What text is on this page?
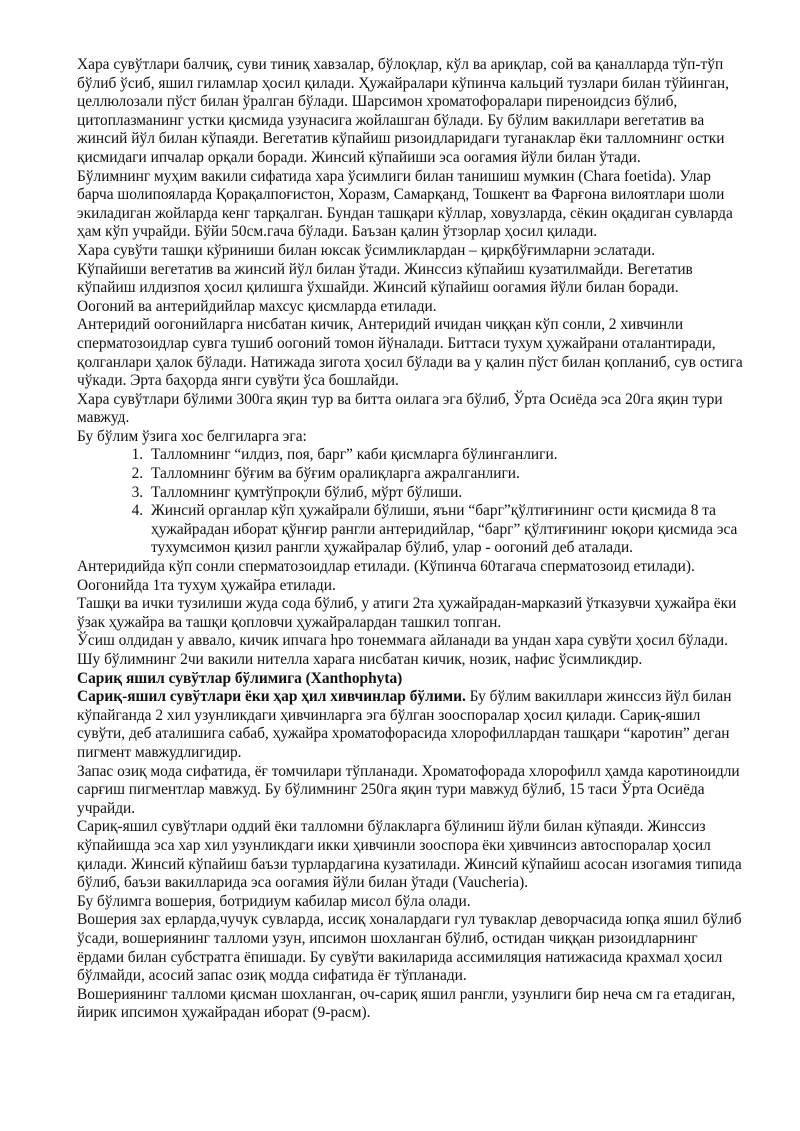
Хара сувўтлари балчиқ, суви тиниқ хавзалар, бўлоқлар, кўл ва ариқлар, сой ва қаналларда тўп-тўп бўлиб ўсиб, яшил гиламлар ҳосил қилади. Ҳужайралари кўпинча кальций тузлари билан тўйинган, целлюлозали пўст билан ўралган бўлади. Шарсимон хроматофоралари пиреноидсиз бўлиб, цитоплазманинг устки қисмида узунасига жойлашган бўлади. Бу бўлим вакиллари вегетатив ва жинсий йўл билан кўпаяди. Вегетатив кўпайиш ризоидларидаги туганаклар ёки талломнинг остки қисмидаги ипчалар орқали боради. Жинсий кўпайиши эса оогамия йўли билан ўтади.

Бўлимнинг муҳим вакили сифатида хара ўсимлиги билан танишиш мумкин (Chara foetida). Улар барча шолипояларда Қорақалпоғистон, Хоразм, Самарқанд, Тошкент ва Фарғона вилоятлари шоли экиладиган жойларда кенг тарқалган. Бундан ташқари кўллар, ховузларда, сёкин оқадиган сувларда ҳам кўп учрайди. Бўйи 50см.гача бўлади. Баъзан қалин ўтзорлар ҳосил қилади.

Хара сувўти ташқи кўриниши билан юксак ўсимликлардан – қирқбўғимларни эслатади.

Кўпайиши вегетатив ва жинсий йўл билан ўтади. Жинссиз кўпайиш кузатилмайди. Вегетатив кўпайиш илдизпоя ҳосил қилишга ўхшайди. Жинсий кўпайиш оогамия йўли билан боради.

Оогоний ва антерийдийлар махсус қисмларда етилади.

Антеридий оогонийларга нисбатан кичик, Антеридий ичидан чиққан кўп сонли, 2 хивчинли сперматозоидлар сувга тушиб оогоний томон йўналади. Биттаси тухум ҳужайрани оталантиради, қолганлари ҳалок бўлади. Натижада зигота ҳосил бўлади ва у қалин пўст билан қопланиб, сув остига чўкади. Эрта баҳорда янги сувўти ўса бошлайди.

Хара сувўтлари бўлими 300га яқин тур ва битта оилага эга бўлиб, Ўрта Осиёда эса 20га яқин тури мавжуд.

Бу бўлим ўзига хос белгиларга эга:

1. Талломнинг “илдиз, поя, барг” каби қисмларга бўлинганлиги.
2. Талломнинг бўғим ва бўғим оралиқларга ажралганлиги.
3. Талломнинг қумтўпроқли бўлиб, мўрт бўлиши.
4. Жинсий органлар кўп ҳужайрали бўлиши, яъни “барг”қўлтиғининг ости қисмида 8 та ҳужайрадан иборат қўнғир рангли антеридийлар, “барг” қўлтиғининг юқори қисмида эса тухумсимон қизил рангли ҳужайралар бўлиб, улар - оогоний деб аталади.

Антеридийда кўп сонли сперматозоидлар етилади. (Кўпинча 60тагача сперматозоид етилади).

Оогонийда 1та тухум ҳужайра етилади.

Ташқи ва ички тузилиши жуда сода бўлиб, у атиги 2та ҳужайрадан-марказий ўтказувчи ҳужайра ёки ўзак ҳужайра ва ташқи қопловчи ҳужайралардан ташкил топган.

Ўсиш олдидан у аввало, кичик ипчага hро тонеммага айланади ва ундан хара сувўти ҳосил бўлади. Шу бўлимнинг 2чи вакили нителла харага нисбатан кичик, нозик, нафис ўсимликдир.

Сариқ яшил сувўтлар бўлимига (Xanthophyta)

Сариқ-яшил сувўтлари ёки ҳар ҳил хивчинлар бўлими. Бу бўлим вакиллари жинссиз йўл билан кўпайганда 2 хил узунликдаги ҳивчинларга эга бўлган зооспоралар ҳосил қилади. Сариқ-яшил сувўти, деб аталишига сабаб, ҳужайра хроматофорасида хлорофиллардан ташқари “каротин” деган пигмент мавжудлигидир.

Запас озиқ мода сифатида, ёғ томчилари тўпланади. Хроматофорада хлорофилл ҳамда каротиноидли сарғиш пигментлар мавжуд. Бу бўлимнинг 250га яқин тури мавжуд бўлиб, 15 таси Ўрта Осиёда учрайди.

Сариқ-яшил сувўтлари оддий ёки талломни бўлакларга бўлиниш йўли билан кўпаяди. Жинссиз кўпайишда эса хар хил узунликдаги икки ҳивчинли зооспора ёки ҳивчинсиз автоспоралар ҳосил қилади. Жинсий кўпайиш баъзи турлардагина кузатилади. Жинсий кўпайиш асосан изогамия типида бўлиб, баъзи вакилларида эса оогамия йўли билан ўтади (Vaucheria).

Бу бўлимга вошерия, ботридиум кабилар мисол бўла олади.

Вошерия зах ерларда,чучук сувларда, иссиқ хоналардаги гул туваклар деворчасида юпқа яшил бўлиб ўсади, вошериянинг талломи узун, ипсимон шохланган бўлиб, остидан чиққан ризоидларнинг ёрдами билан субстратга ёпишади. Бу сувўти вакиларида ассимиляция натижасида крахмал ҳосил бўлмайди, асосий запас озиқ модда сифатида ёғ тўпланади.

Вошериянинг талломи қисман шохланган, оч-сариқ яшил рангли, узунлиги бир неча см га етадиган, йирик ипсимон ҳужайрадан иборат (9-расм).
